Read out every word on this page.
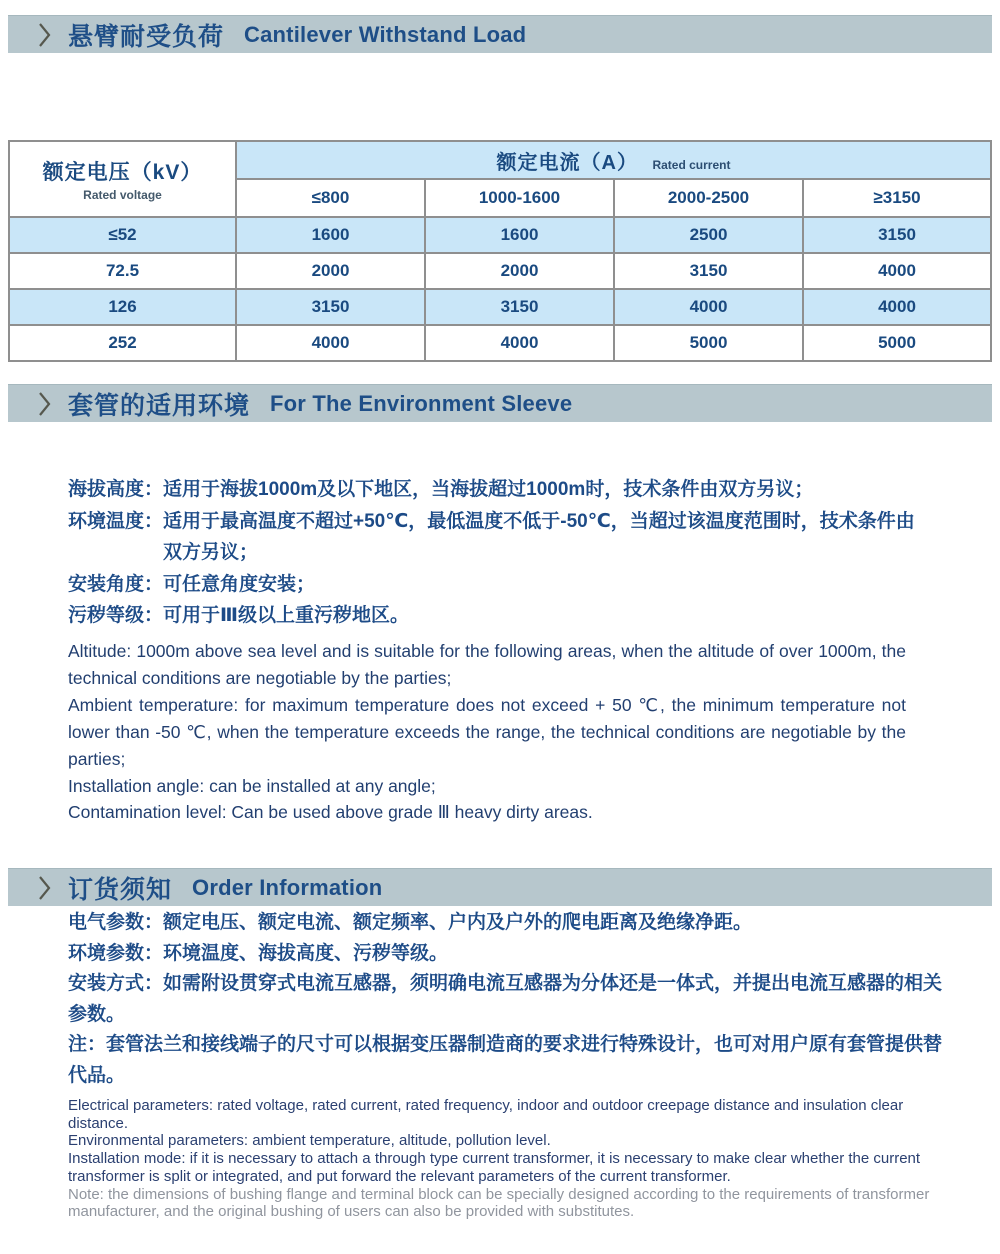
悬臂耐受负荷 Cantilever Withstand Load
额定电压（kV）
Rated voltage	额定电流（A） Rated current			
	≤800	1000-1600	2000-2500	≥3150
≤52	1600	1600	2500	3150
72.5	2000	2000	3150	4000
126	3150	3150	4000	4000
252	4000	4000	5000	5000
套管的适用环境 For The Environment Sleeve

海拔高度：适用于海拔1000m及以下地区，当海拔超过1000m时，技术条件由双方另议；

环境温度：适用于最高温度不超过+50℃，最低温度不低于-50℃，当超过该温度范围时，技术条件由双方另议；

安装角度：可任意角度安装；

污秽等级：可用于Ⅲ级以上重污秽地区。

Altitude: 1000m above sea level and is suitable for the following areas, when the altitude of over 1000m, the technical conditions are negotiable by the parties;

Ambient temperature: for maximum temperature does not exceed + 50 ℃, the minimum temperature not lower than -50 ℃, when the temperature exceeds the range, the technical conditions are negotiable by the parties;

Installation angle: can be installed at any angle;

Contamination level: Can be used above grade Ⅲ heavy dirty areas.

订货须知 Order Information

电气参数：额定电压、额定电流、额定频率、户内及户外的爬电距离及绝缘净距。

环境参数：环境温度、海拔高度、污秽等级。

安装方式：如需附设贯穿式电流互感器，须明确电流互感器为分体还是一体式，并提出电流互感器的相关参数。

注：套管法兰和接线端子的尺寸可以根据变压器制造商的要求进行特殊设计，也可对用户原有套管提供替代品。

Electrical parameters: rated voltage, rated current, rated frequency, indoor and outdoor creepage distance and insulation clear distance.

Environmental parameters: ambient temperature, altitude, pollution level.

Installation mode: if it is necessary to attach a through type current transformer, it is necessary to make clear whether the current transformer is split or integrated, and put forward the relevant parameters of the current transformer.

Note: the dimensions of bushing flange and terminal block can be specially designed according to the requirements of transformer manufacturer, and the original bushing of users can also be provided with substitutes.
